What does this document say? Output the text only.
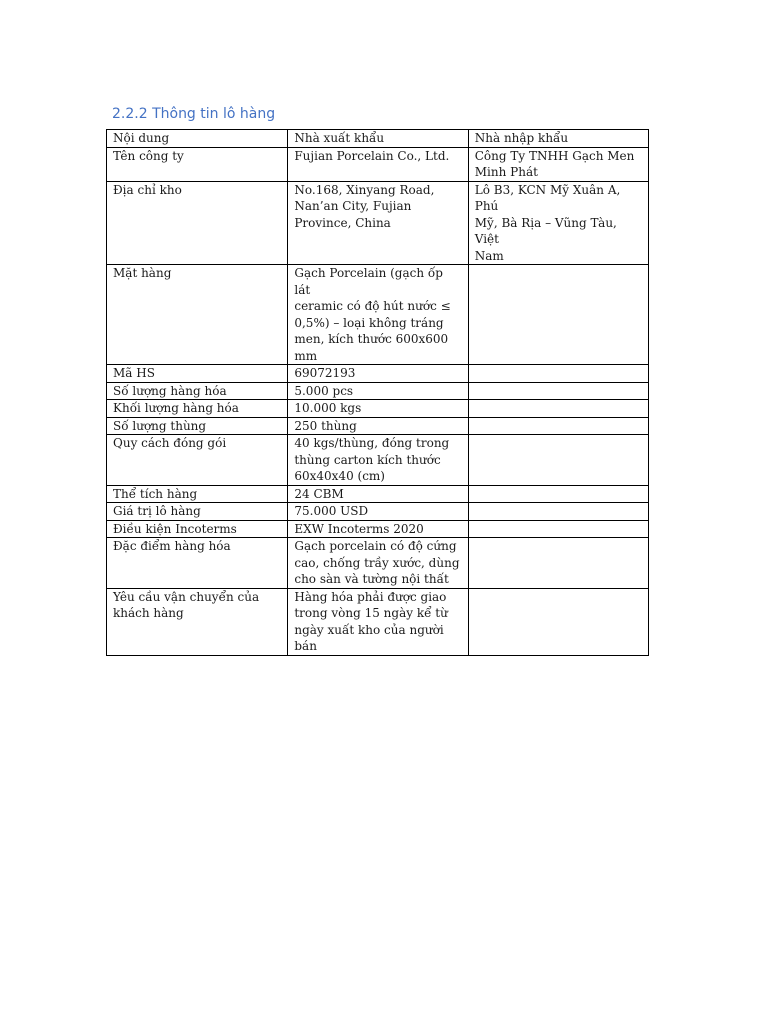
2.2.2 Thông tin lô hàng
Nội dung	Nhà xuất khẩu	Nhà nhập khẩu
Tên công ty	Fujian Porcelain Co., Ltd.	Công Ty TNHH Gạch Men
Minh Phát
Địa chỉ kho	No.168, Xinyang Road,
Nan’an City, Fujian
Province, China	Lô B3, KCN Mỹ Xuân A, Phú
Mỹ, Bà Rịa – Vũng Tàu, Việt
Nam
Mặt hàng	Gạch Porcelain (gạch ốp lát
ceramic có độ hút nước ≤
0,5%) – loại không tráng
men, kích thước 600x600
mm	
Mã HS	69072193	
Số lượng hàng hóa	5.000 pcs	
Khối lượng hàng hóa	10.000 kgs	
Số lượng thùng	250 thùng	
Quy cách đóng gói	40 kgs/thùng, đóng trong
thùng carton kích thước
60x40x40 (cm)	
Thể tích hàng	24 CBM	
Giá trị lô hàng	75.000 USD	
Điều kiện Incoterms	EXW Incoterms 2020	
Đặc điểm hàng hóa	Gạch porcelain có độ cứng
cao, chống trầy xước, dùng
cho sàn và tường nội thất	
Yêu cầu vận chuyển của
khách hàng	Hàng hóa phải được giao
trong vòng 15 ngày kể từ
ngày xuất kho của người
bán	
